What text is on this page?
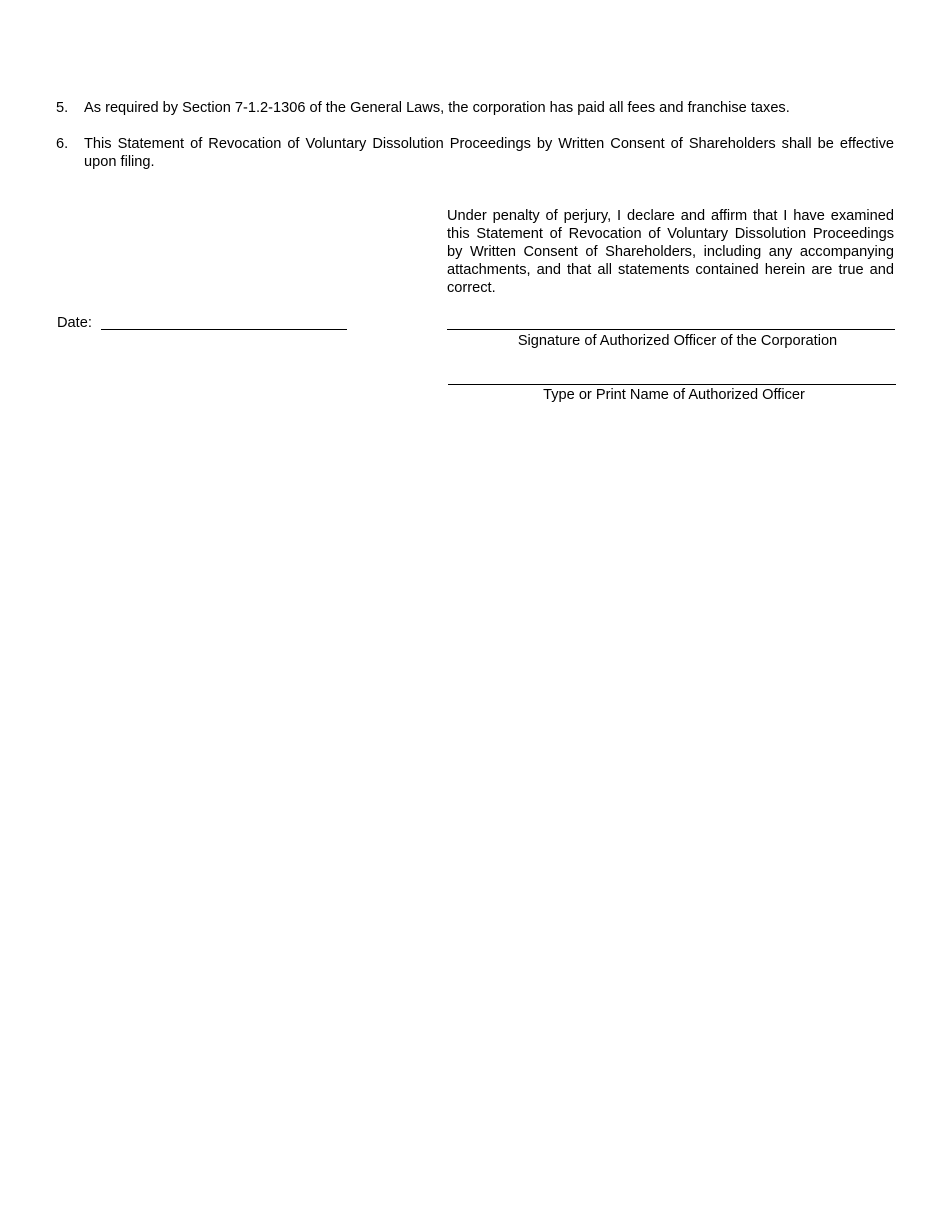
5.	As required by Section 7-1.2-1306 of the General Laws, the corporation has paid all fees and franchise taxes.
6.	This Statement of Revocation of Voluntary Dissolution Proceedings by Written Consent of Shareholders shall be effective upon filing.
Under penalty of perjury, I declare and affirm that I have examined this Statement of Revocation of Voluntary Dissolution Proceedings by Written Consent of Shareholders, including any accompanying attachments, and that all statements contained herein are true and correct.
Date:
Signature of Authorized Officer of the Corporation
Type or Print Name of Authorized Officer
